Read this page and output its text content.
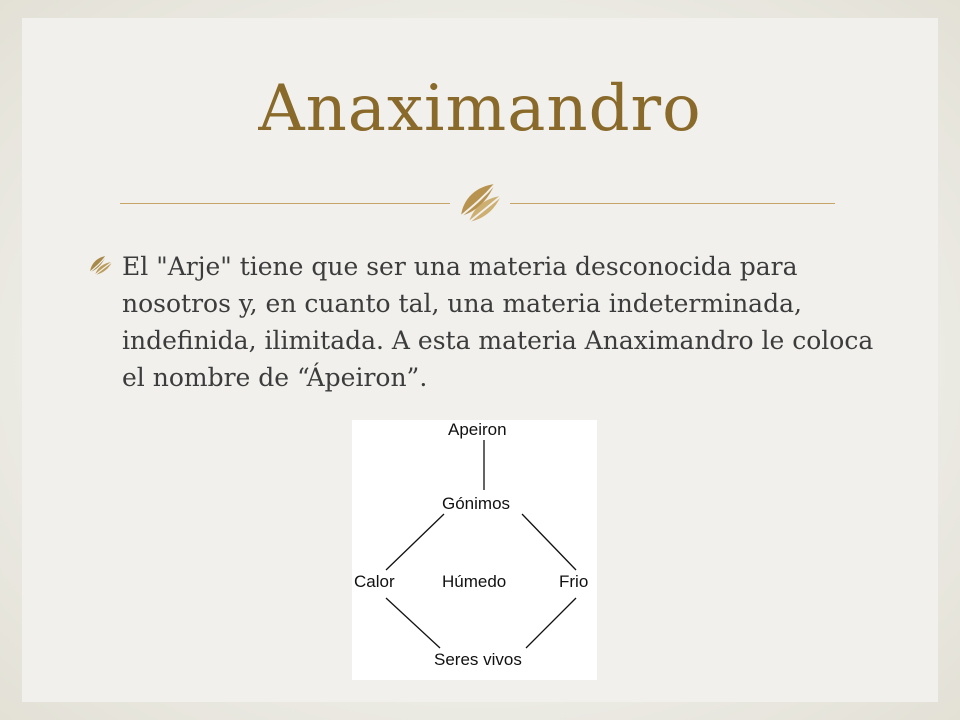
Anaximandro
El "Arje" tiene que ser una materia desconocida para nosotros y, en cuanto tal, una materia indeterminada, indefinida, ilimitada. A esta materia Anaximandro le coloca el nombre de “Ápeiron”.
Apeiron
Gónimos
Calor	Húmedo	Frio
Seres vivos
